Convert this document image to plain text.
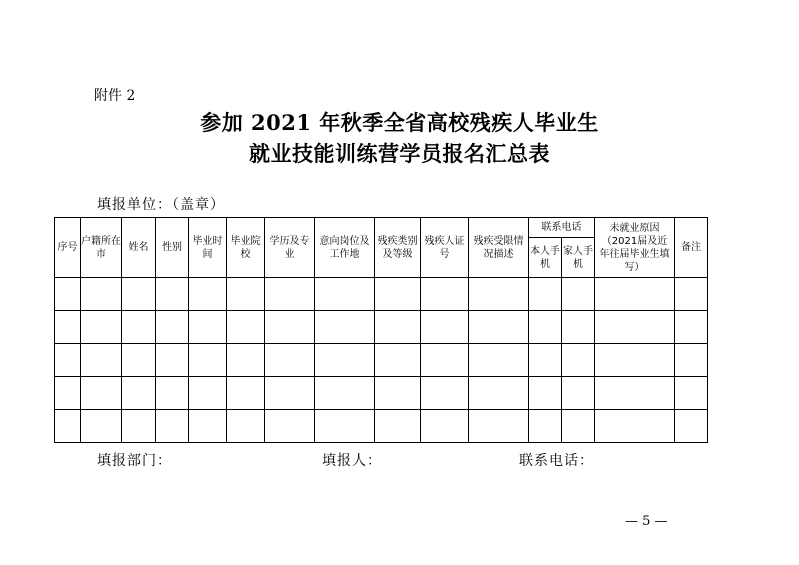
附件 2
参加 2021 年秋季全省高校残疾人毕业生
就业技能训练营学员报名汇总表
填报单位：（盖章）
序号	户籍所在市	姓名	性别	毕业时间	毕业院校	学历及专业	意向岗位及工作地	残疾类别及等级	残疾人证号	残疾受限情况描述	联系电话		未就业原因（2021届及近年往届毕业生填写）	备注
											本人手机	家人手机		

填报部门：	填报人：	联系电话：
— 5 —
